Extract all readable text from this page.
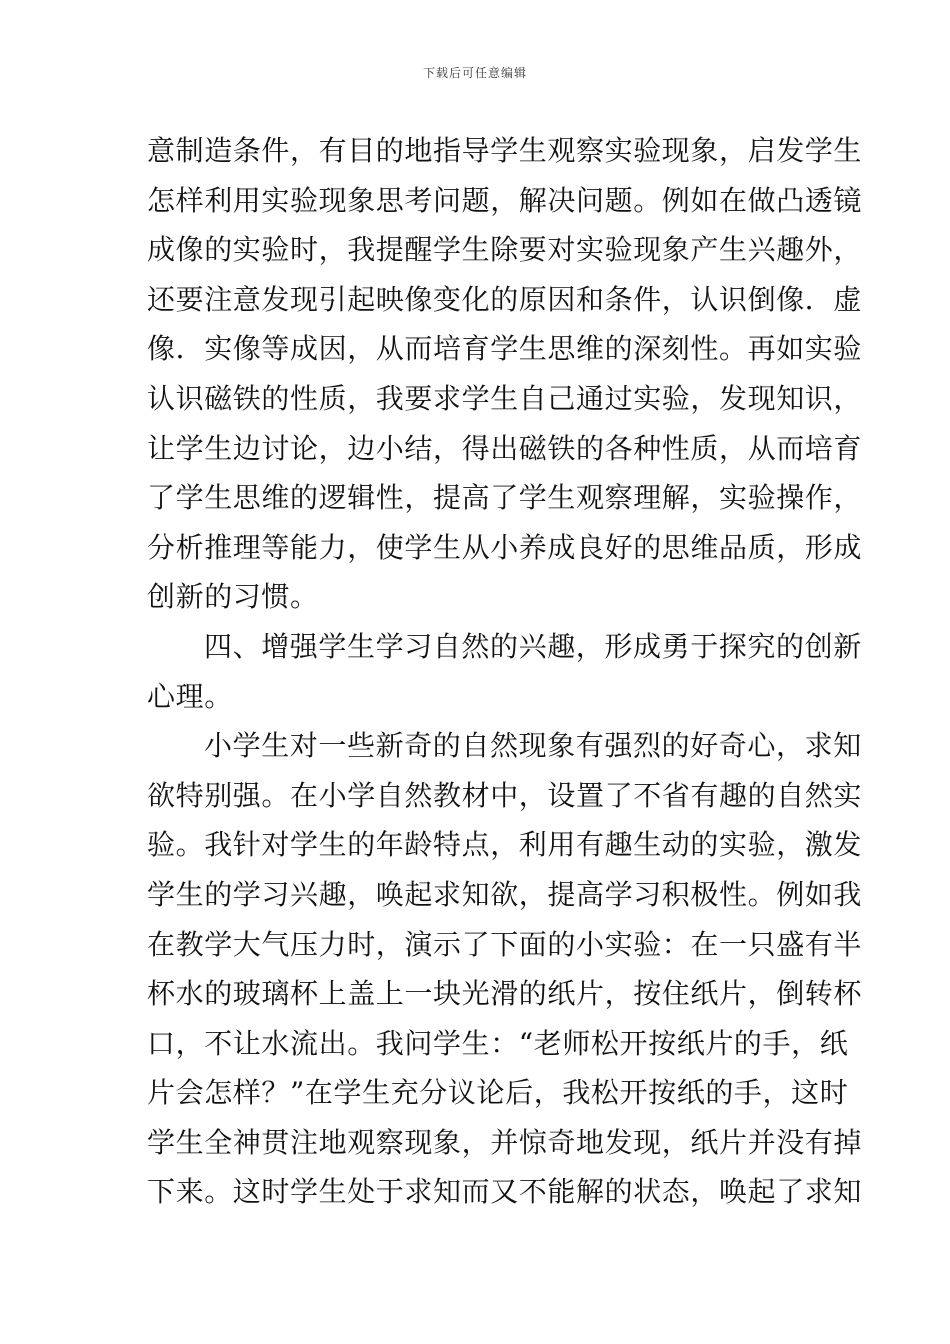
下载后可任意编辑
意制造条件，有目的地指导学生观察实验现象，启发学生
怎样利用实验现象思考问题，解决问题。例如在做凸透镜
成像的实验时，我提醒学生除要对实验现象产生兴趣外，
还要注意发现引起映像变化的原因和条件，认识倒像．虚
像．实像等成因，从而培育学生思维的深刻性。再如实验
认识磁铁的性质，我要求学生自己通过实验，发现知识，
让学生边讨论，边小结，得出磁铁的各种性质，从而培育
了学生思维的逻辑性，提高了学生观察理解，实验操作，
分析推理等能力，使学生从小养成良好的思维品质，形成
创新的习惯。
四、增强学生学习自然的兴趣，形成勇于探究的创新
心理。
小学生对一些新奇的自然现象有强烈的好奇心，求知
欲特别强。在小学自然教材中，设置了不省有趣的自然实
验。我针对学生的年龄特点，利用有趣生动的实验，激发
学生的学习兴趣，唤起求知欲，提高学习积极性。例如我
在教学大气压力时，演示了下面的小实验：在一只盛有半
杯水的玻璃杯上盖上一块光滑的纸片，按住纸片，倒转杯
口，不让水流出。我问学生：“老师松开按纸片的手，纸
片会怎样？”在学生充分议论后，我松开按纸的手，这时
学生全神贯注地观察现象，并惊奇地发现，纸片并没有掉
下来。这时学生处于求知而又不能解的状态，唤起了求知
